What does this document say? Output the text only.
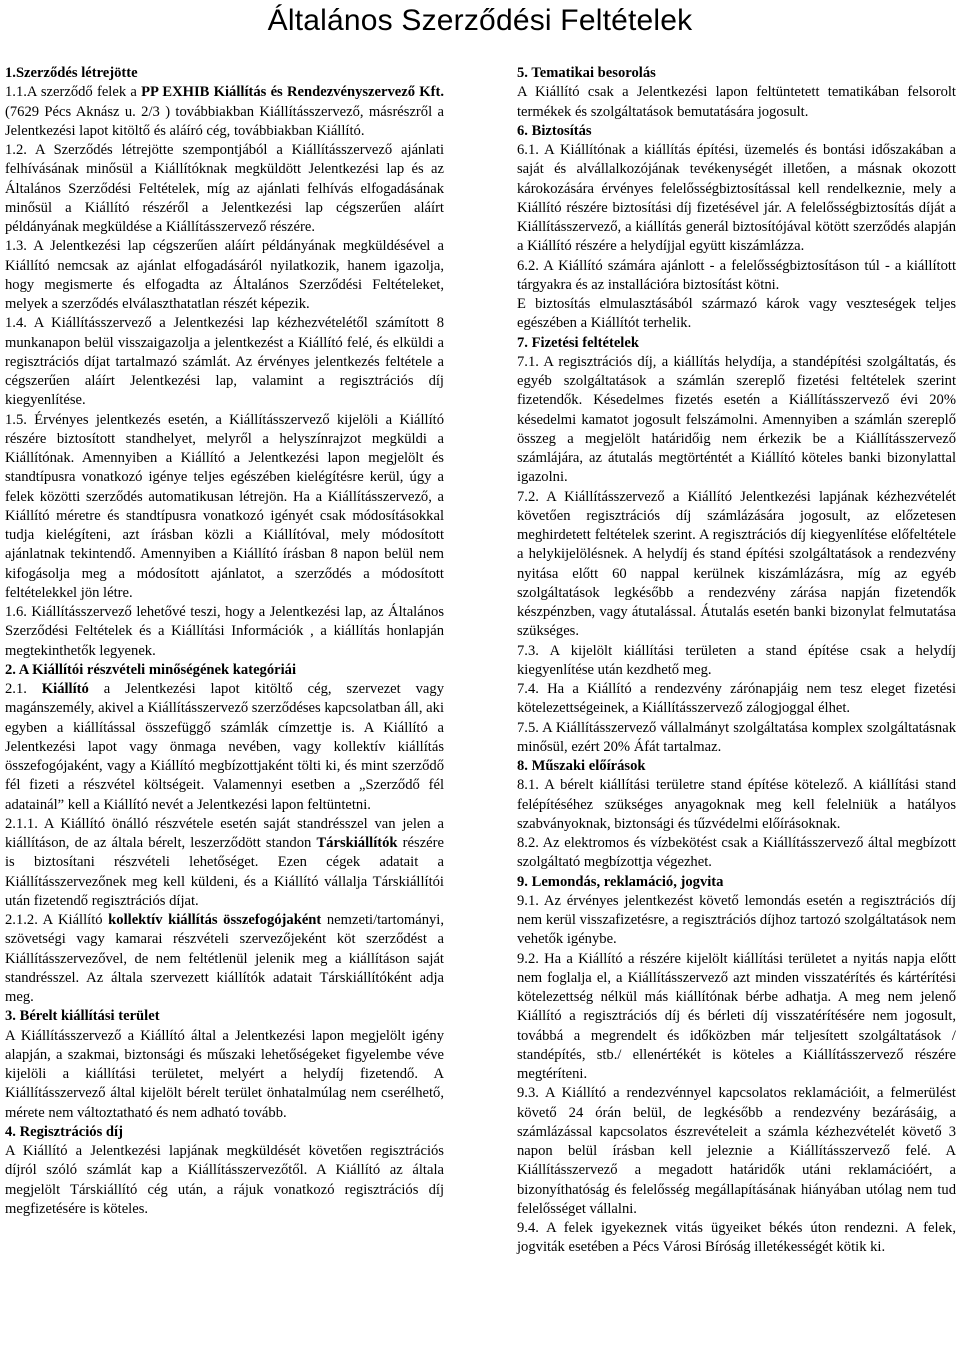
Általános Szerződési Feltételek
1.Szerződés létrejötte

1.1.A szerződő felek a PP EXHIB Kiállítás és Rendezvényszervező Kft. (7629 Pécs Aknász u. 2/3 ) továbbiakban Kiállításszervező, másrészről a Jelentkezési lapot kitöltő és aláíró cég, továbbiakban Kiállító.

1.2. A Szerződés létrejötte szempontjából a Kiállításszervező ajánlati felhívásának minősül a Kiállítóknak megküldött Jelentkezési lap és az Általános Szerződési Feltételek, míg az ajánlati felhívás elfogadásának minősül a Kiállító részéről a Jelentkezési lap cégszerűen aláírt példányának megküldése a Kiállításszervező részére.

1.3. A Jelentkezési lap cégszerűen aláírt példányának megküldésével a Kiállító nemcsak az ajánlat elfogadásáról nyilatkozik, hanem igazolja, hogy megismerte és elfogadta az Általános Szerződési Feltételeket, melyek a szerződés elválaszthatatlan részét képezik.

1.4. A Kiállításszervező a Jelentkezési lap kézhezvételétől számított 8 munkanapon belül visszaigazolja a jelentkezést a Kiállító felé, és elküldi a regisztrációs díjat tartalmazó számlát. Az érvényes jelentkezés feltétele a cégszerűen aláírt Jelentkezési lap, valamint a regisztrációs díj kiegyenlítése.

1.5. Érvényes jelentkezés esetén, a Kiállításszervező kijelöli a Kiállító részére biztosított standhelyet, melyről a helyszínrajzot megküldi a Kiállítónak. Amennyiben a Kiállító a Jelentkezési lapon megjelölt és standtípusra vonatkozó igénye teljes egészében kielégítésre kerül, úgy a felek közötti szerződés automatikusan létrejön. Ha a Kiállításszervező, a Kiállító méretre és standtípusra vonatkozó igényét csak módosításokkal tudja kielégíteni, azt írásban közli a Kiállítóval, mely módosított ajánlatnak tekintendő. Amennyiben a Kiállító írásban 8 napon belül nem kifogásolja meg a módosított ajánlatot, a szerződés a módosított feltételekkel jön létre.

1.6. Kiállításszervező lehetővé teszi, hogy a Jelentkezési lap, az Általános Szerződési Feltételek és a Kiállítási Információk , a kiállítás honlapján megtekinthetők legyenek.

2. A Kiállítói részvételi minőségének kategóriái

2.1. Kiállító a Jelentkezési lapot kitöltő cég, szervezet vagy magánszemély, akivel a Kiállításszervező szerződéses kapcsolatban áll, aki egyben a kiállítással összefüggő számlák címzettje is. A Kiállító a Jelentkezési lapot vagy önmaga nevében, vagy kollektív kiállítás összefogójaként, vagy a Kiállító megbízottjaként tölti ki, és mint szerződő fél fizeti a részvétel költségeit. Valamennyi esetben a „Szerződő fél adatainál” kell a Kiállító nevét a Jelentkezési lapon feltüntetni.

2.1.1. A Kiállító önálló részvétele esetén saját standrésszel van jelen a kiállításon, de az általa bérelt, leszerződött standon Társkiállítók részére is biztosítani részvételi lehetőséget. Ezen cégek adatait a Kiállításszervezőnek meg kell küldeni, és a Kiállító vállalja Társkiállítói után fizetendő regisztrációs díjat.

2.1.2. A Kiállító kollektív kiállítás összefogójaként nemzeti/tartományi, szövetségi vagy kamarai részvételi szervezőjeként köt szerződést a Kiállításszervezővel, de nem feltétlenül jelenik meg a kiállításon saját standrésszel. Az általa szervezett kiállítók adatait Társkiállítóként adja meg.

3. Bérelt kiállítási terület

A Kiállításszervező a Kiállító által a Jelentkezési lapon megjelölt igény alapján, a szakmai, biztonsági és műszaki lehetőségeket figyelembe véve kijelöli a kiállítási területet, melyért a helydíj fizetendő. A Kiállításszervező által kijelölt bérelt terület önhatalmúlag nem cserélhető, mérete nem változtatható és nem adható tovább.

4. Regisztrációs díj

A Kiállító a Jelentkezési lapjának megküldését követően regisztrációs díjról szóló számlát kap a Kiállításszervezőtől. A Kiállító az általa megjelölt Társkiállító cég után, a rájuk vonatkozó regisztrációs díj megfizetésére is köteles.

5. Tematikai besorolás

A Kiállító csak a Jelentkezési lapon feltüntetett tematikában felsorolt termékek és szolgáltatások bemutatására jogosult.

6. Biztosítás

6.1. A Kiállítónak a kiállítás építési, üzemelés és bontási időszakában a saját és alvállalkozójának tevékenységét illetően, a másnak okozott károkozására érvényes felelősségbiztosítással kell rendelkeznie, mely a Kiállító részére biztosítási díj fizetésével jár. A felelősségbiztosítás díját a Kiállításszervező, a kiállítás generál biztosítójával kötött szerződés alapján a Kiállító részére a helydíjjal együtt kiszámlázza.

6.2. A Kiállító számára ajánlott - a felelősségbiztosításon túl - a kiállított tárgyakra és az installációra biztosítást kötni.

E biztosítás elmulasztásából származó károk vagy veszteségek teljes egészében a Kiállítót terhelik.

7. Fizetési feltételek

7.1. A regisztrációs díj, a kiállítás helydíja, a standépítési szolgáltatás, és egyéb szolgáltatások a számlán szereplő fizetési feltételek szerint fizetendők. Késedelmes fizetés esetén a Kiállításszervező évi 20% késedelmi kamatot jogosult felszámolni. Amennyiben a számlán szereplő összeg a megjelölt határidőig nem érkezik be a Kiállításszervező számlájára, az átutalás megtörténtét a Kiállító köteles banki bizonylattal igazolni.

7.2. A Kiállításszervező a Kiállító Jelentkezési lapjának kézhezvételét követően regisztrációs díj számlázására jogosult, az előzetesen meghirdetett feltételek szerint. A regisztrációs díj kiegyenlítése előfeltétele a helykijelölésnek. A helydíj és stand építési szolgáltatások a rendezvény nyitása előtt 60 nappal kerülnek kiszámlázásra, míg az egyéb szolgáltatások legkésőbb a rendezvény zárása napján fizetendők készpénzben, vagy átutalással. Átutalás esetén banki bizonylat felmutatása szükséges.

7.3. A kijelölt kiállítási területen a stand építése csak a helydíj kiegyenlítése után kezdhető meg.

7.4. Ha a Kiállító a rendezvény zárónapjáig nem tesz eleget fizetési kötelezettségeinek, a Kiállításszervező zálogjoggal élhet.

7.5. A Kiállításszervező vállalmányt szolgáltatása komplex szolgáltatásnak minősül, ezért 20% Áfát tartalmaz.

8. Műszaki előírások

8.1. A bérelt kiállítási területre stand építése kötelező. A kiállítási stand felépítéséhez szükséges anyagoknak meg kell felelniük a hatályos szabványoknak, biztonsági és tűzvédelmi előírásoknak.

8.2. Az elektromos és vízbekötést csak a Kiállításszervező által megbízott szolgáltató megbízottja végezhet.

9. Lemondás, reklamáció, jogvita

9.1. Az érvényes jelentkezést követő lemondás esetén a regisztrációs díj nem kerül visszafizetésre, a regisztrációs díjhoz tartozó szolgáltatások nem vehetők igénybe.

9.2. Ha a Kiállító a részére kijelölt kiállítási területet a nyitás napja előtt nem foglalja el, a Kiállításszervező azt minden visszatérítés és kártérítési kötelezettség nélkül más kiállítónak bérbe adhatja. A meg nem jelenő Kiállító a regisztrációs díj és bérleti díj visszatérítésére nem jogosult, továbbá a megrendelt és időközben már teljesített szolgáltatások / standépítés, stb./ ellenértékét is köteles a Kiállításszervező részére megtéríteni.

9.3. A Kiállító a rendezvénnyel kapcsolatos reklamációit, a felmerülést követő 24 órán belül, de legkésőbb a rendezvény bezárásáig, a számlázással kapcsolatos észrevételeit a számla kézhezvételét követő 3 napon belül írásban kell jeleznie a Kiállításszervező felé. A Kiállításszervező a megadott határidők utáni reklamációért, a bizonyíthatóság és felelősség megállapításának hiányában utólag nem tud felelősséget vállalni.

9.4. A felek igyekeznek vitás ügyeiket békés úton rendezni. A felek, jogviták esetében a Pécs Városi Bíróság illetékességét kötik ki.
